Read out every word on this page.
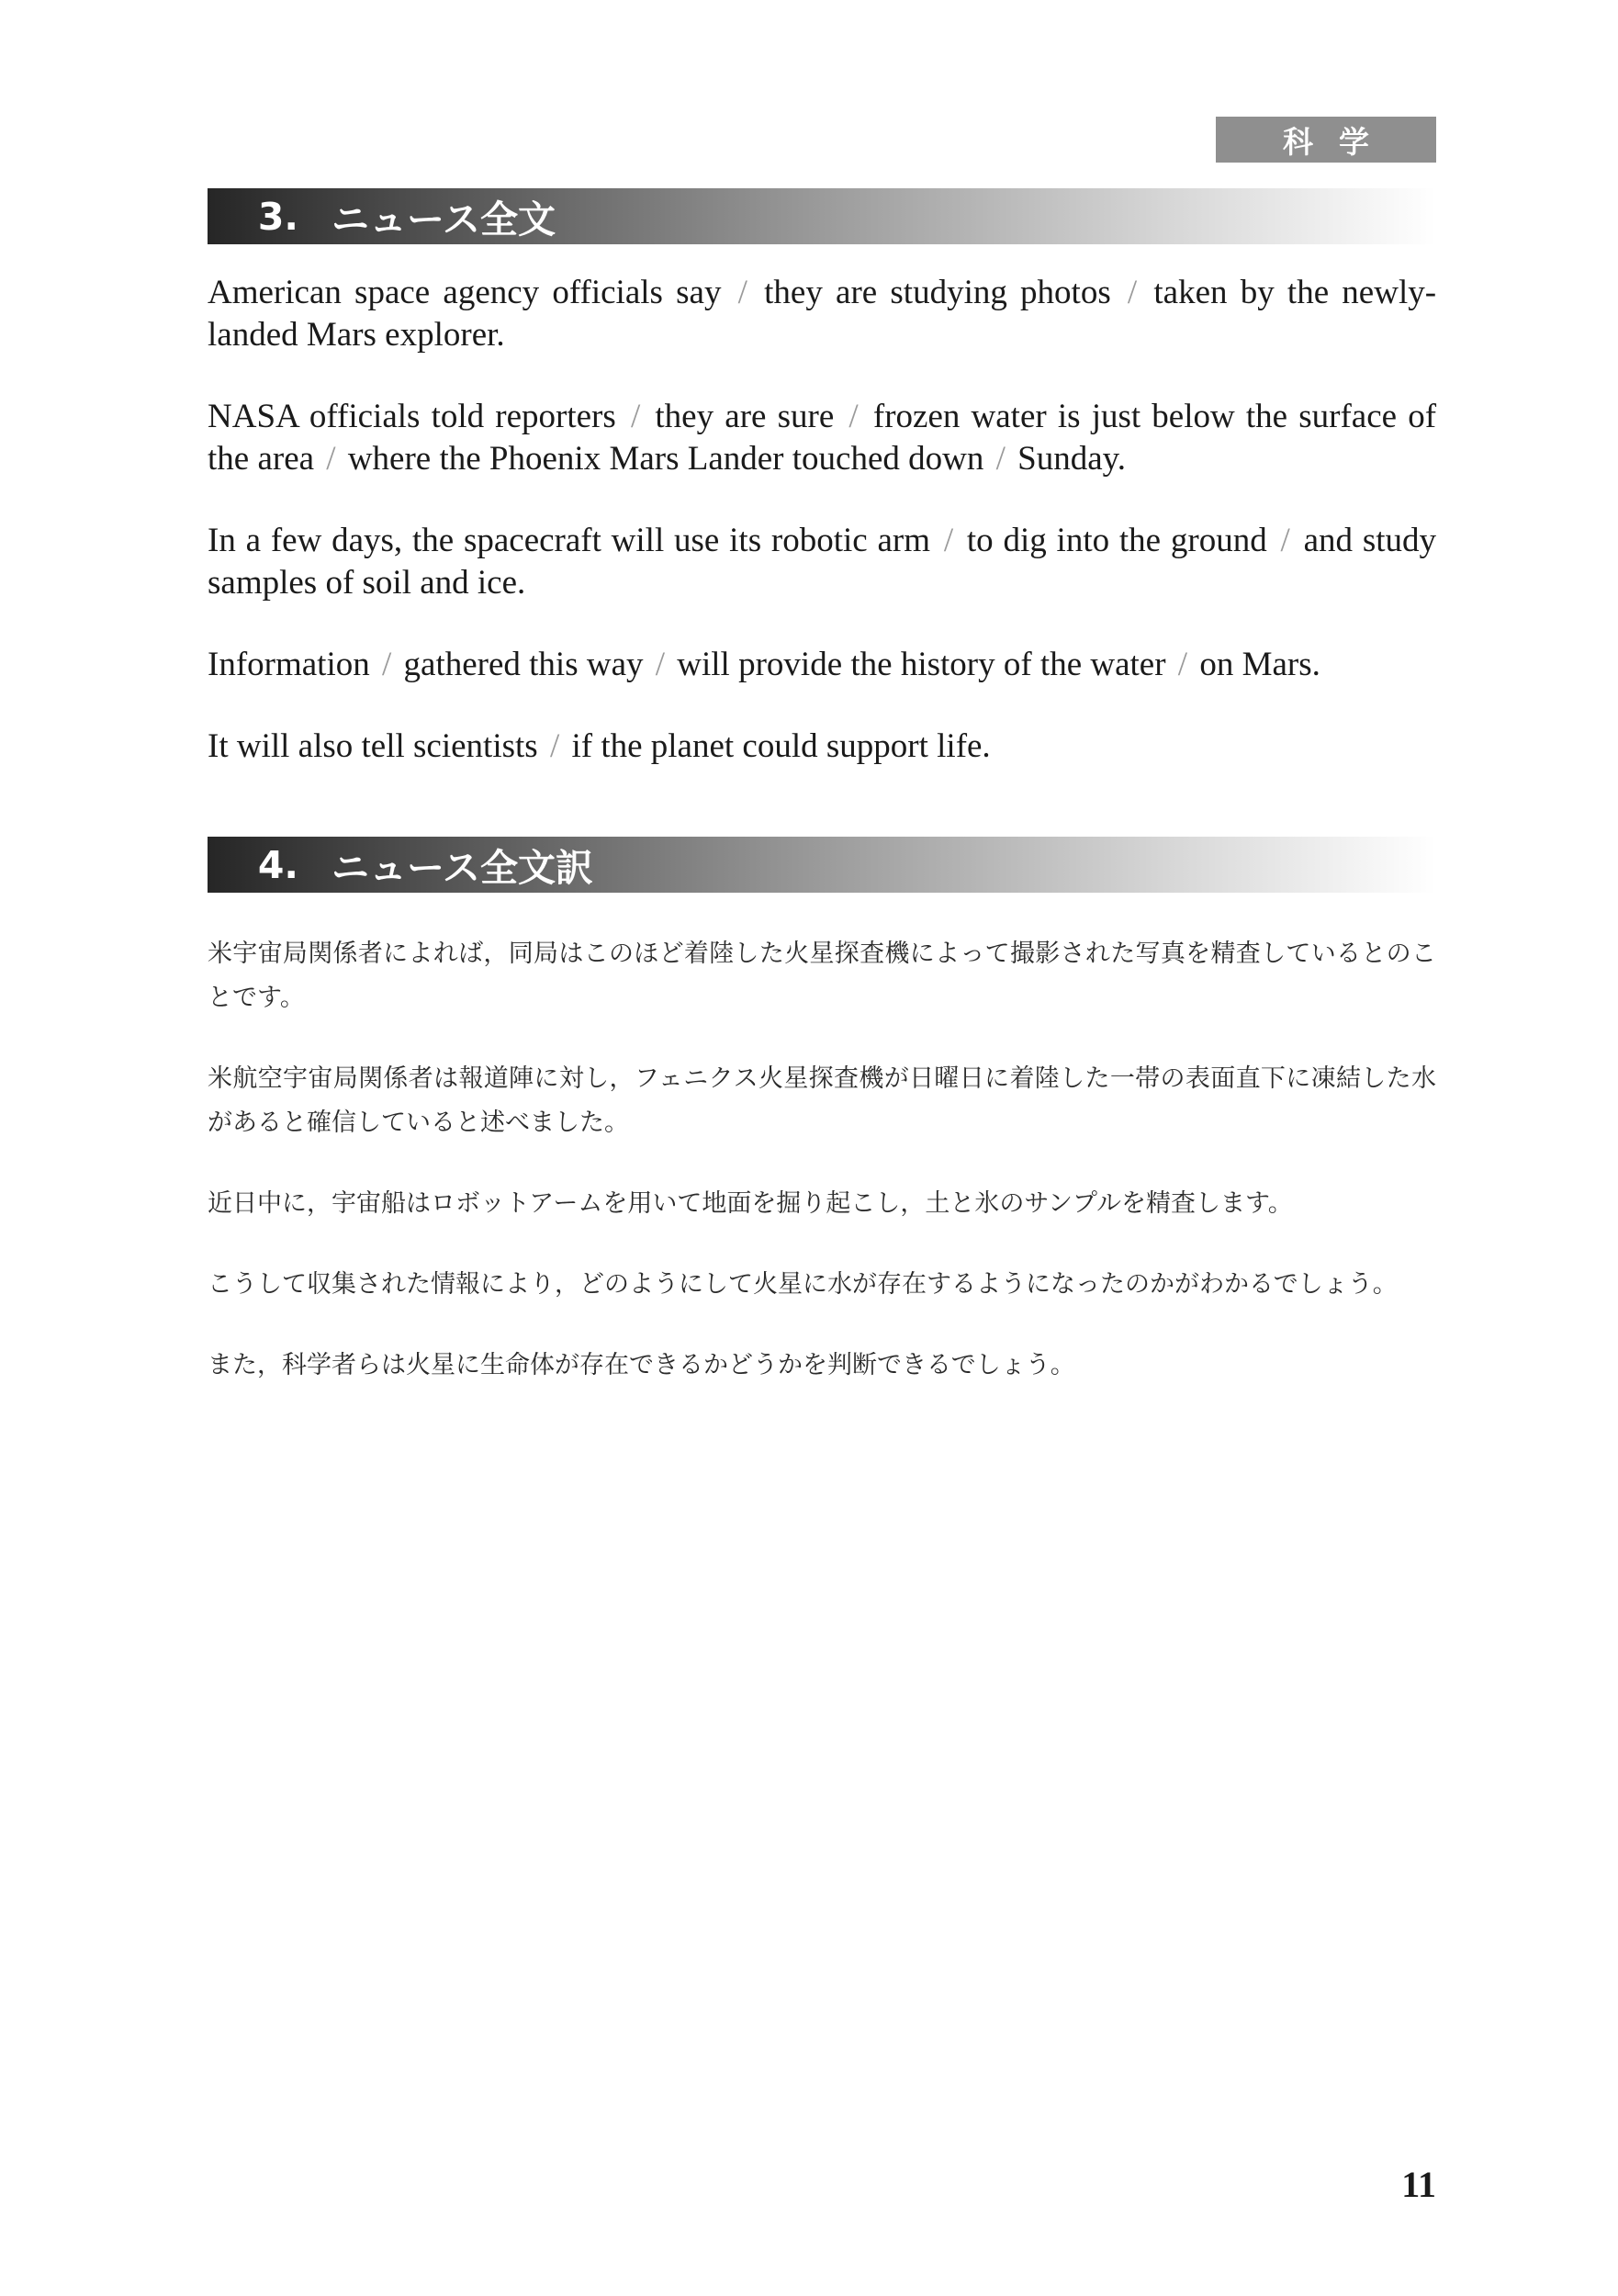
科学
3. ニュース全文

American space agency officials say / they are studying photos / taken by the newly-landed Mars explorer.

NASA officials told reporters / they are sure / frozen water is just below the surface of the area / where the Phoenix Mars Lander touched down / Sunday.

In a few days, the spacecraft will use its robotic arm / to dig into the ground / and study samples of soil and ice.

Information / gathered this way / will provide the history of the water / on Mars.

It will also tell scientists / if the planet could support life.

4. ニュース全文訳

米宇宙局関係者によれば，同局はこのほど着陸した火星探査機によって撮影された写真を精査しているとのことです。

米航空宇宙局関係者は報道陣に対し，フェニクス火星探査機が日曜日に着陸した一帯の表面直下に凍結した水があると確信していると述べました。

近日中に，宇宙船はロボットアームを用いて地面を掘り起こし，土と氷のサンプルを精査します。

こうして収集された情報により，どのようにして火星に水が存在するようになったのかがわかるでしょう。

また，科学者らは火星に生命体が存在できるかどうかを判断できるでしょう。

11
